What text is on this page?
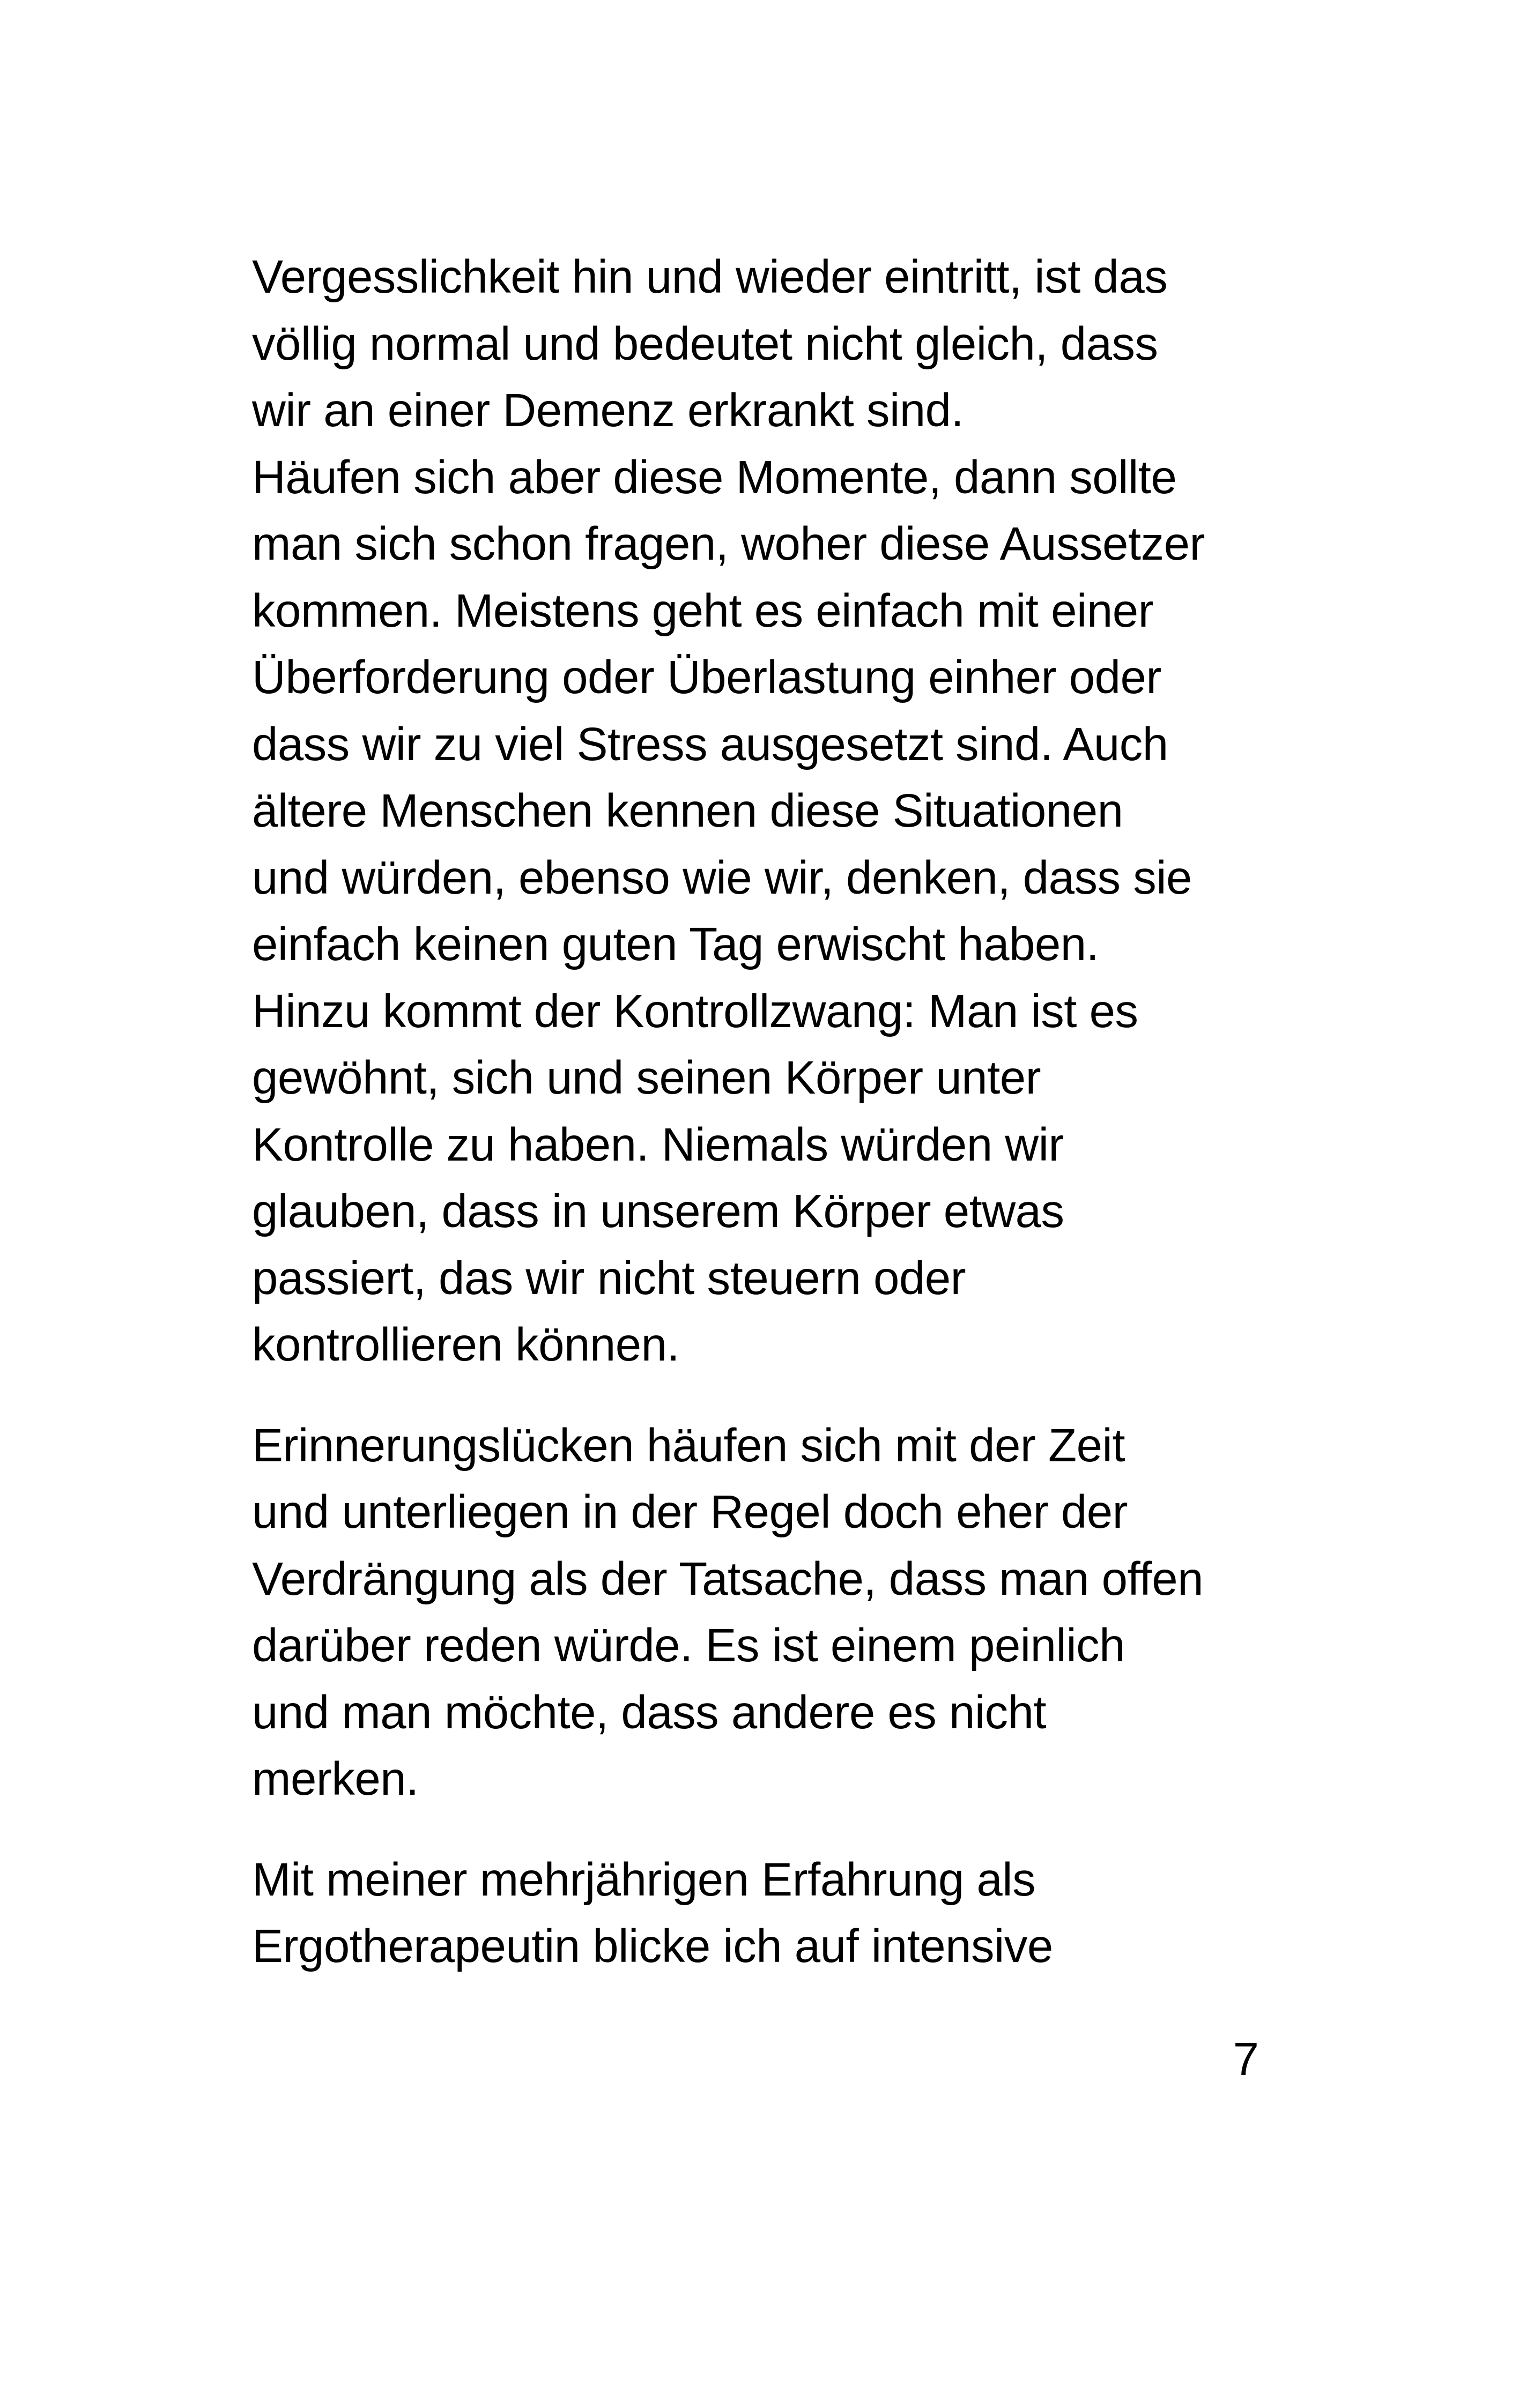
Vergesslichkeit hin und wieder eintritt, ist das
völlig normal und bedeutet nicht gleich, dass
wir an einer Demenz erkrankt sind.
Häufen sich aber diese Momente, dann sollte
man sich schon fragen, woher diese Aussetzer
kommen. Meistens geht es einfach mit einer
Überforderung oder Überlastung einher oder
dass wir zu viel Stress ausgesetzt sind. Auch
ältere Menschen kennen diese Situationen
und würden, ebenso wie wir, denken, dass sie
einfach keinen guten Tag erwischt haben.
Hinzu kommt der Kontrollzwang: Man ist es
gewöhnt, sich und seinen Körper unter
Kontrolle zu haben. Niemals würden wir
glauben, dass in unserem Körper etwas
passiert, das wir nicht steuern oder
kontrollieren können.

Erinnerungslücken häufen sich mit der Zeit
und unterliegen in der Regel doch eher der
Verdrängung als der Tatsache, dass man offen
darüber reden würde. Es ist einem peinlich
und man möchte, dass andere es nicht
merken.

Mit meiner mehrjährigen Erfahrung als
Ergotherapeutin blicke ich auf intensive

7
